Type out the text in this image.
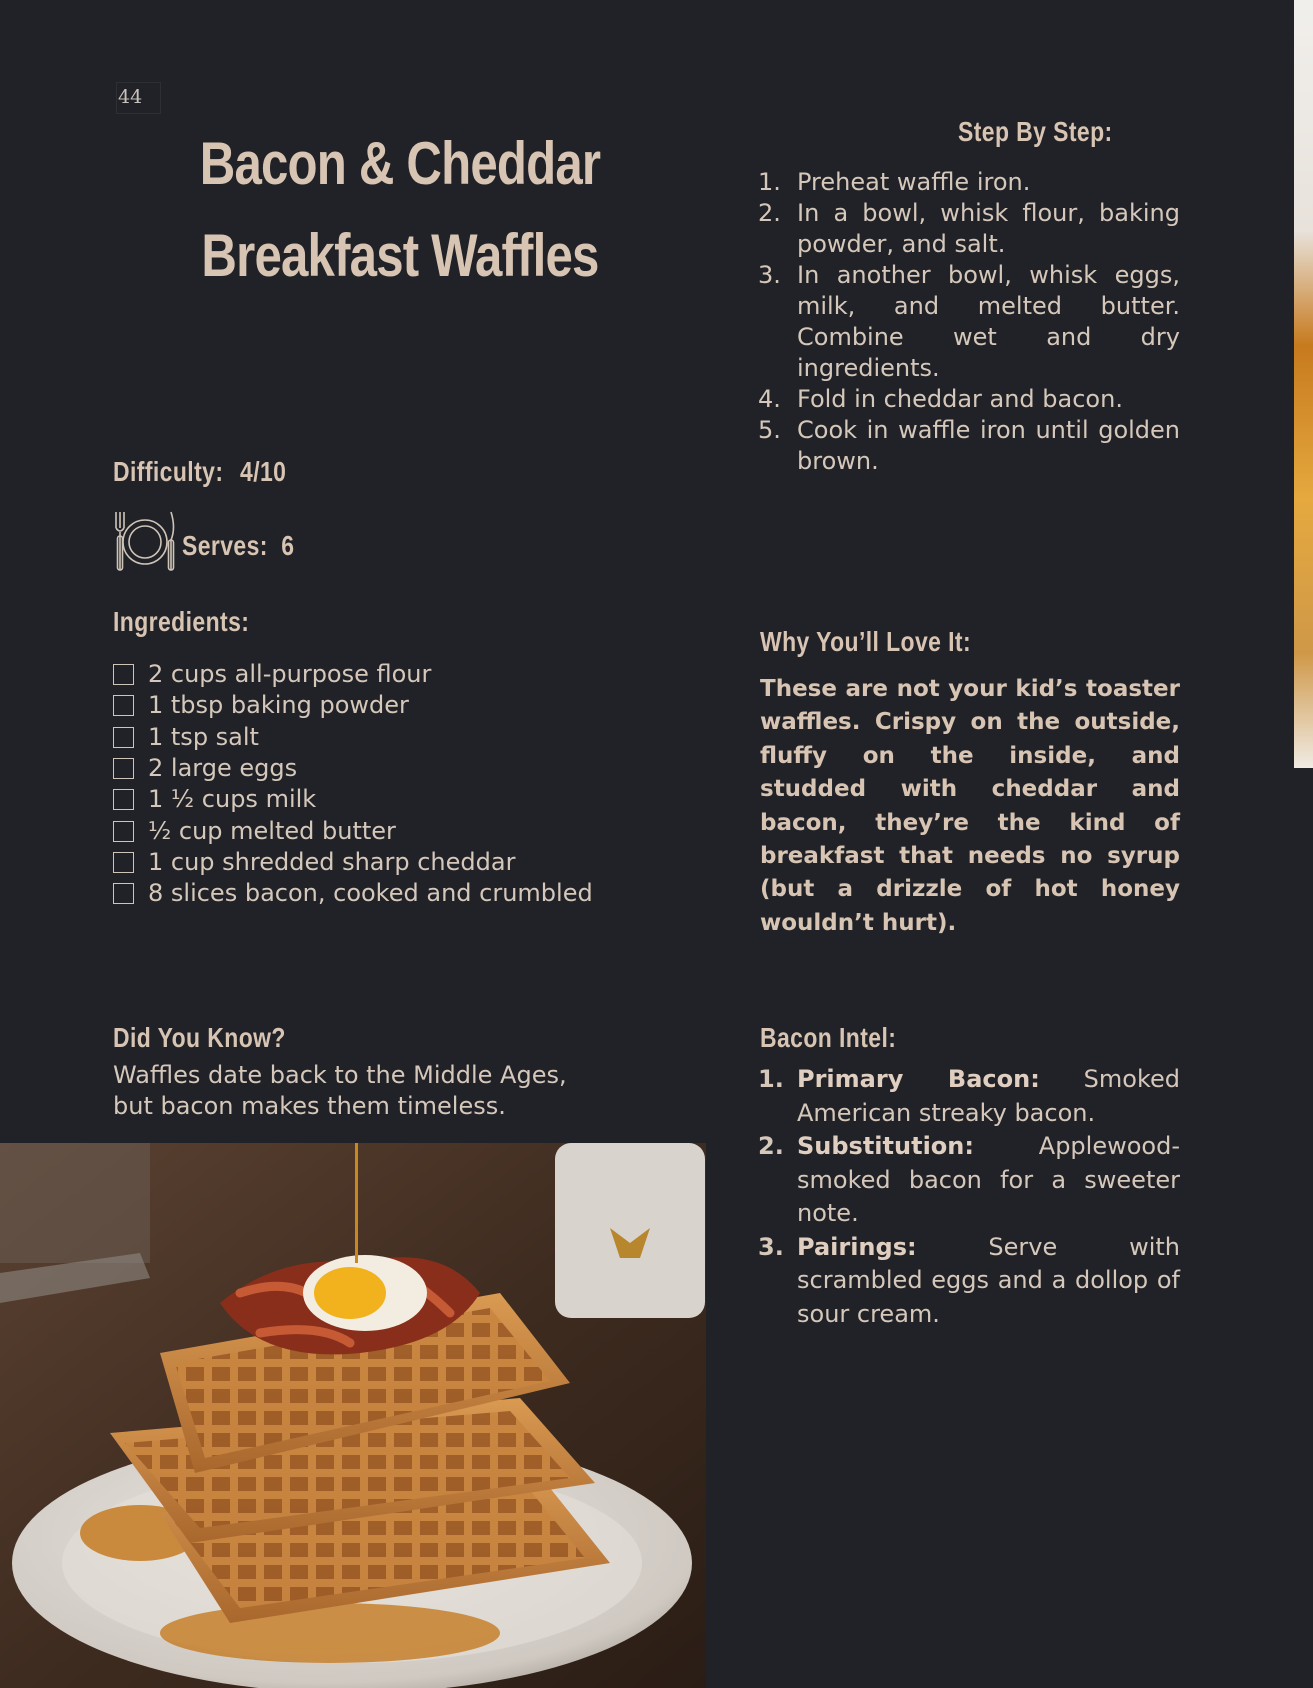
44
Bacon & Cheddar
Breakfast Waffles
Difficulty: 4/10
Serves: 6
Ingredients:
2 cups all-purpose flour
1 tbsp baking powder
1 tsp salt
2 large eggs
1 ½ cups milk
½ cup melted butter
1 cup shredded sharp cheddar
8 slices bacon, cooked and crumbled
Step By Step:
1. Preheat waffle iron.
2. In a bowl, whisk flour, baking powder, and salt.
3. In another bowl, whisk eggs, milk, and melted butter. Combine wet and dry ingredients.
4. Fold in cheddar and bacon.
5. Cook in waffle iron until golden brown.
Why You’ll Love It:
These are not your kid’s toaster waffles. Crispy on the outside, fluffy on the inside, and studded with cheddar and bacon, they’re the kind of breakfast that needs no syrup (but a drizzle of hot honey wouldn’t hurt).
Did You Know?
Waffles date back to the Middle Ages, but bacon makes them timeless.
Bacon Intel:
1. Primary Bacon: Smoked American streaky bacon.
2. Substitution:	Applewood-smoked bacon for a sweeter note.
3. Pairings:	Serve with scrambled eggs and a dollop of sour cream.
